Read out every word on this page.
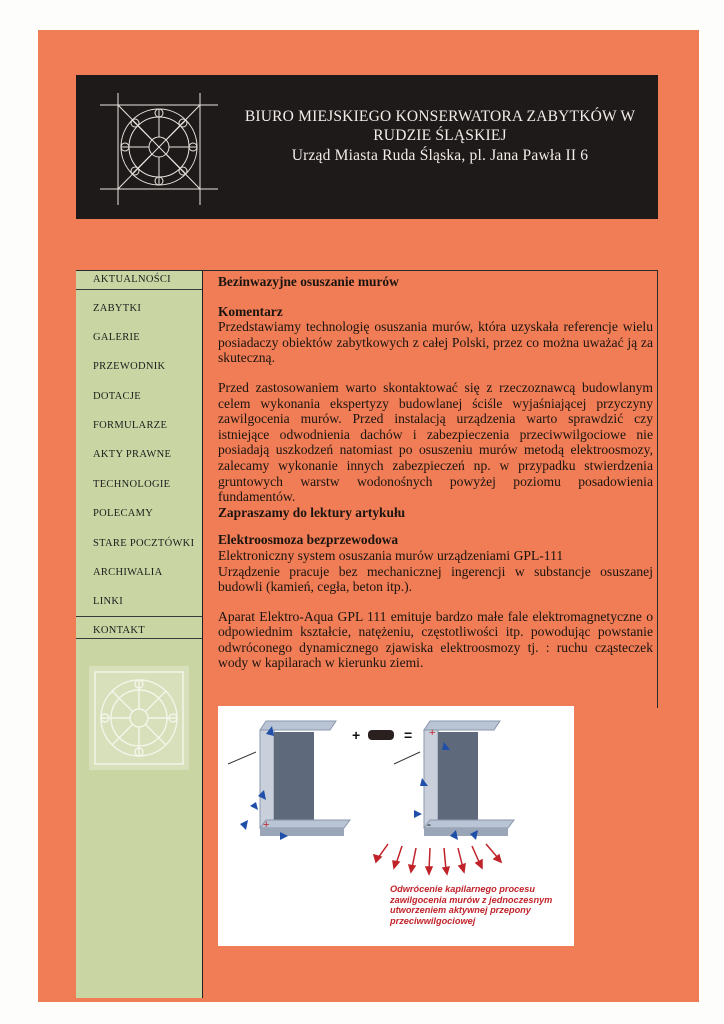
BIURO MIEJSKIEGO KONSERWATORA ZABYTKÓW W
RUDZIE ŚLĄSKIEJ
Urząd Miasta Ruda Śląska, pl. Jana Pawła II 6
AKTUALNOŚCI
ZABYTKI
GALERIE
PRZEWODNIK
DOTACJE
FORMULARZE
AKTY PRAWNE
TECHNOLOGIE
POLECAMY
STARE POCZTÓWKI
ARCHIWALIA
LINKI
KONTAKT
Bezinwazyjne osuszanie murów
Komentarz

Przedstawiamy technologię osuszania murów, która uzyskała referencje wielu posiadaczy obiektów zabytkowych z całej Polski, przez co można uważać ją za skuteczną.

Przed zastosowaniem warto skontaktować się z rzeczoznawcą budowlanym celem wykonania ekspertyzy budowlanej ściśle wyjaśniającej przyczyny zawilgocenia murów. Przed instalacją urządzenia warto sprawdzić czy istniejące odwodnienia dachów i zabezpieczenia przeciwwilgociowe nie posiadają uszkodzeń natomiast po osuszeniu murów metodą elektroosmozy, zalecamy wykonanie innych zabezpieczeń np. w przypadku stwierdzenia gruntowych warstw wodonośnych powyżej poziomu posadowienia fundamentów.

Zapraszamy do lektury artykułu
Elektroosmoza bezprzewodowa

Elektroniczny system osuszania murów urządzeniami GPL-111

Urządzenie pracuje bez mechanicznej ingerencji w substancje osuszanej budowli (kamień, cegła, beton itp.).

Aparat Elektro-Aqua GPL 111 emituje bardzo małe fale elektromagnetyczne o odpowiednim kształcie, natężeniu, częstotliwości itp. powodując powstanie odwróconego dynamicznego zjawiska elektroosmozy tj. : ruchu cząsteczek wody w kapilarach w kierunku ziemi.

+
+	=
-
+
Odwrócenie kapilarnego procesu zawilgocenia murów z jednoczesnym utworzeniem aktywnej przepony przeciwwilgociowej
